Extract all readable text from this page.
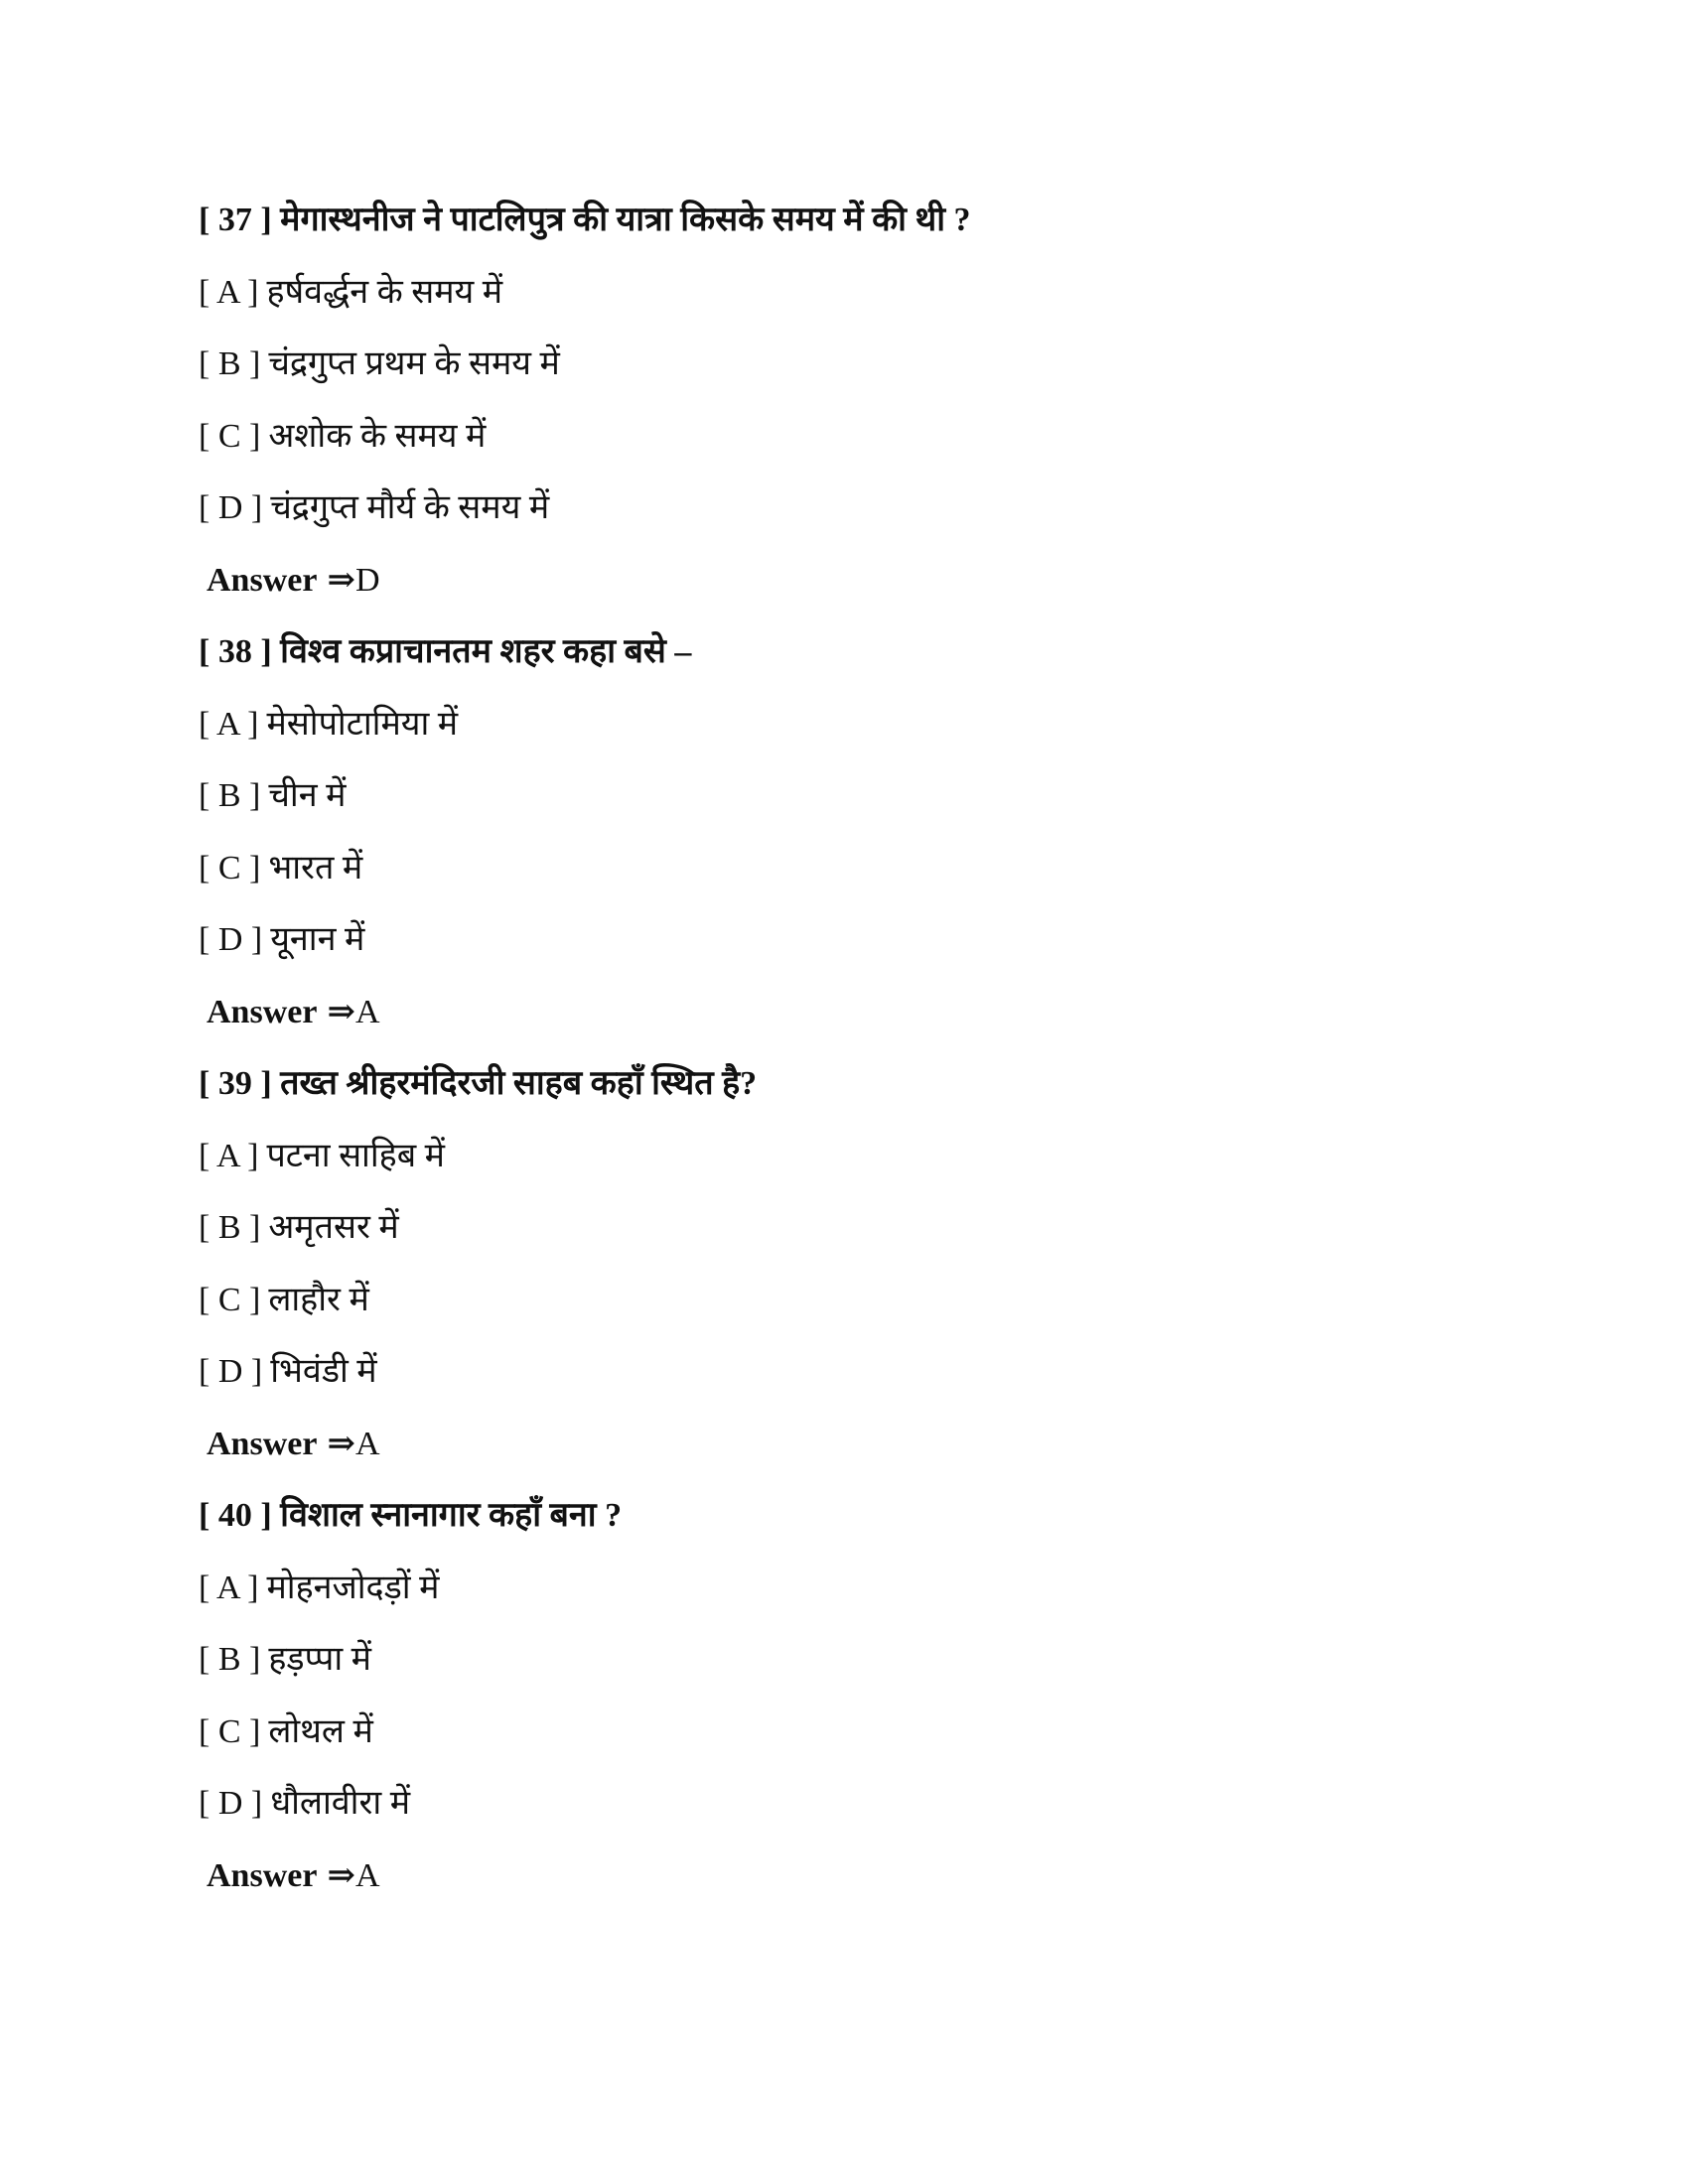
[ 37 ] मेगास्थनीज ने पाटलिपुत्र की यात्रा किसके समय में की थी ?
[ A ] हर्षवर्द्धन के समय में
[ B ] चंद्रगुप्त प्रथम के समय में
[ C ] अशोक के समय में
[ D ] चंद्रगुप्त मौर्य के समय में
Answer ⇒D
[ 38 ] विश्व कप्राचानतम शहर कहा बसे –
[ A ] मेसोपोटामिया में
[ B ] चीन में
[ C ] भारत में
[ D ] यूनान में
Answer ⇒A
[ 39 ] तख्त श्रीहरमंदिरजी साहब कहाँ स्थित है?
[ A ] पटना साहिब में
[ B ] अमृतसर में
[ C ] लाहौर में
[ D ] भिवंडी में
Answer ⇒A
[ 40 ] विशाल स्नानागार कहाँ बना ?
[ A ] मोहनजोदड़ों में
[ B ] हड़प्पा में
[ C ] लोथल में
[ D ] धौलावीरा में
Answer ⇒A
